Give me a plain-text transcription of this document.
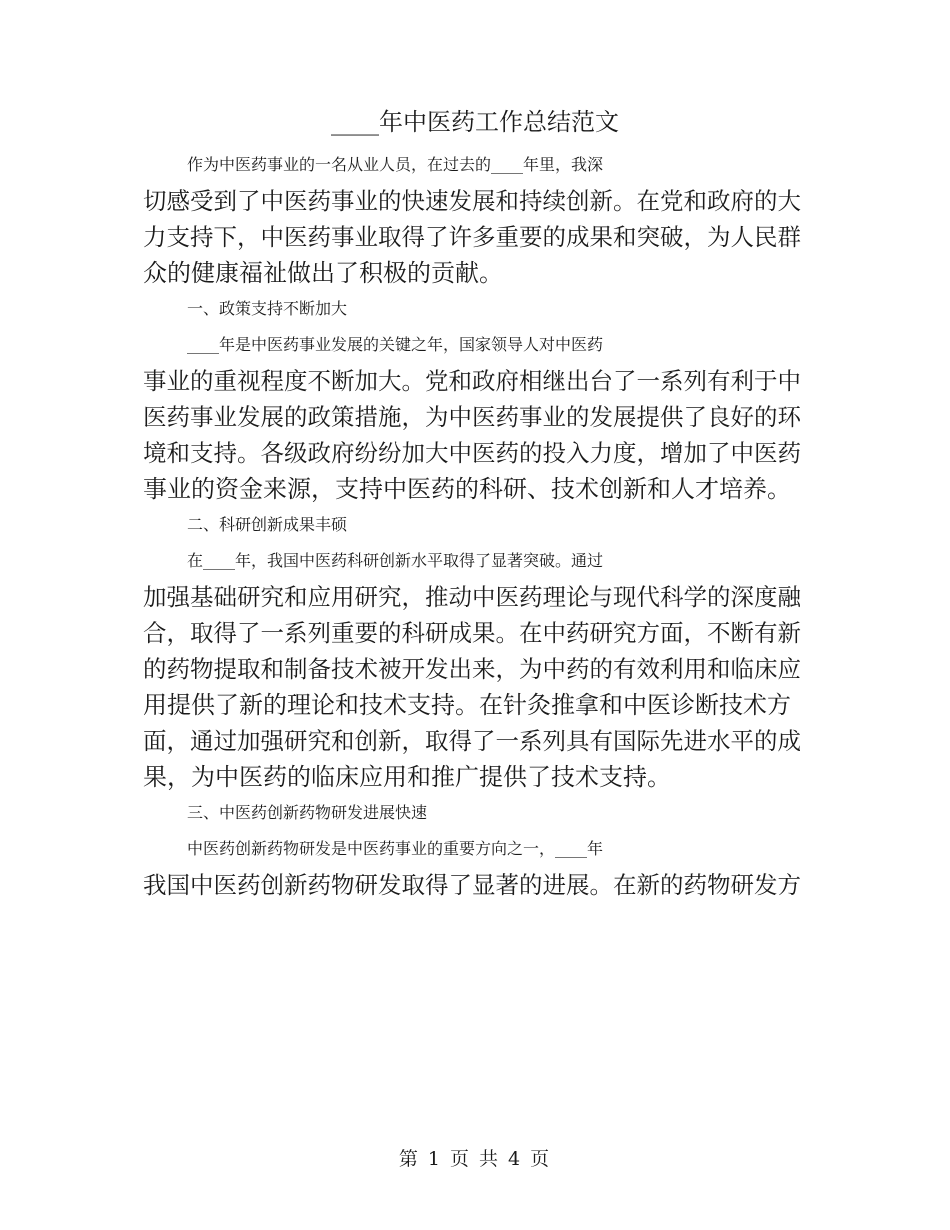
____年中医药工作总结范文

作为中医药事业的一名从业人员，在过去的____年里，我深
切感受到了中医药事业的快速发展和持续创新。在党和政府的大
力支持下，中医药事业取得了许多重要的成果和突破，为人民群
众的健康福祉做出了积极的贡献。
一、政策支持不断加大
____年是中医药事业发展的关键之年，国家领导人对中医药
事业的重视程度不断加大。党和政府相继出台了一系列有利于中
医药事业发展的政策措施，为中医药事业的发展提供了良好的环
境和支持。各级政府纷纷加大中医药的投入力度，增加了中医药
事业的资金来源，支持中医药的科研、技术创新和人才培养。
二、科研创新成果丰硕
在____年，我国中医药科研创新水平取得了显著突破。通过
加强基础研究和应用研究，推动中医药理论与现代科学的深度融
合，取得了一系列重要的科研成果。在中药研究方面，不断有新
的药物提取和制备技术被开发出来，为中药的有效利用和临床应
用提供了新的理论和技术支持。在针灸推拿和中医诊断技术方
面，通过加强研究和创新，取得了一系列具有国际先进水平的成
果，为中医药的临床应用和推广提供了技术支持。
三、中医药创新药物研发进展快速
中医药创新药物研发是中医药事业的重要方向之一，____年
我国中医药创新药物研发取得了显著的进展。在新的药物研发方

第 1 页 共 4 页
